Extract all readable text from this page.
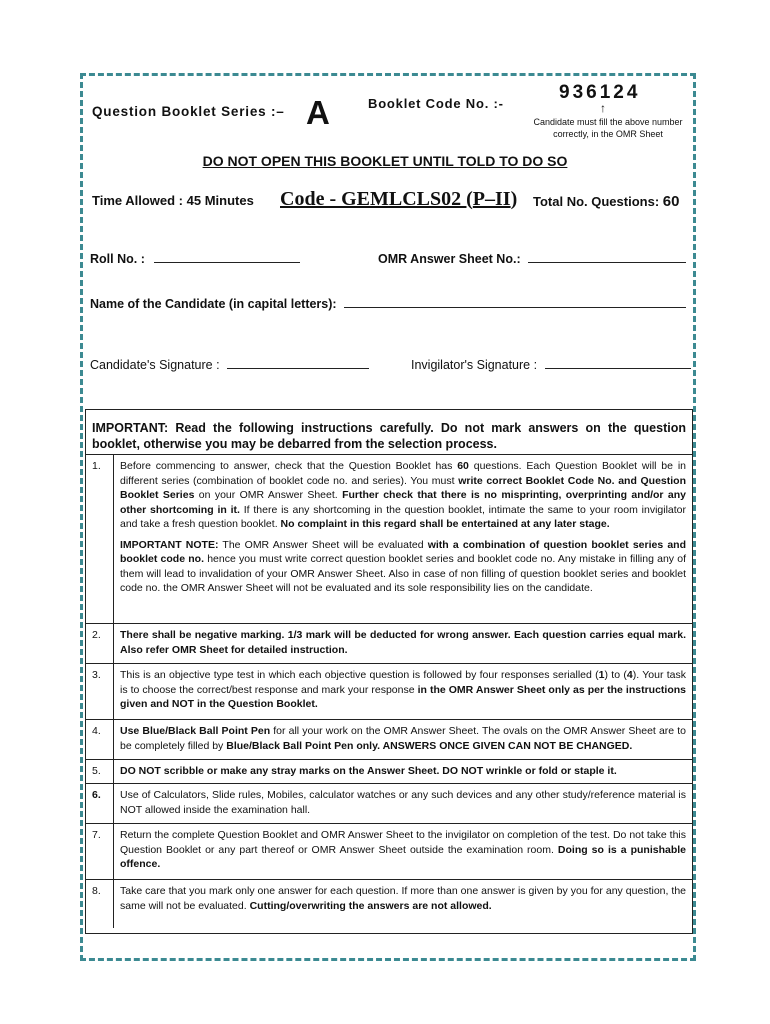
Question Booklet Series :– A	Booklet Code No. :-
936124
↑
Candidate must fill the above number correctly, in the OMR Sheet
DO NOT OPEN THIS BOOKLET UNTIL TOLD TO DO SO
Time Allowed : 45 Minutes Code - GEMLCLS02 (P–II) Total No. Questions: 60
Roll No. :	OMR Answer Sheet No.:
Name of the Candidate (in capital letters):
Candidate's Signature :	Invigilator's Signature :
IMPORTANT: Read the following instructions carefully. Do not mark answers on the question booklet, otherwise you may be debarred from the selection process.
1.	Before commencing to answer, check that the Question Booklet has 60 questions. Each Question Booklet will be in different series (combination of booklet code no. and series). You must write correct Booklet Code No. and Question Booklet Series on your OMR Answer Sheet. Further check that there is no misprinting, overprinting and/or any other shortcoming in it. If there is any shortcoming in the question booklet, intimate the same to your room invigilator and take a fresh question booklet. No complaint in this regard shall be entertained at any later stage.

IMPORTANT NOTE: The OMR Answer Sheet will be evaluated with a combination of question booklet series and booklet code no. hence you must write correct question booklet series and booklet code no. Any mistake in filling any of them will lead to invalidation of your OMR Answer Sheet. Also in case of non filling of question booklet series and booklet code no. the OMR Answer Sheet will not be evaluated and its sole responsibility lies on the candidate.

2.	There shall be negative marking. 1/3 mark will be deducted for wrong answer. Each question carries equal mark. Also refer OMR Sheet for detailed instruction.

3.	This is an objective type test in which each objective question is followed by four responses serialled (1) to (4). Your task is to choose the correct/best response and mark your response in the OMR Answer Sheet only as per the instructions given and NOT in the Question Booklet.

4.	Use Blue/Black Ball Point Pen for all your work on the OMR Answer Sheet. The ovals on the OMR Answer Sheet are to be completely filled by Blue/Black Ball Point Pen only. ANSWERS ONCE GIVEN CAN NOT BE CHANGED.

5.	DO NOT scribble or make any stray marks on the Answer Sheet. DO NOT wrinkle or fold or staple it.

6.	Use of Calculators, Slide rules, Mobiles, calculator watches or any such devices and any other study/reference material is NOT allowed inside the examination hall.

7.	Return the complete Question Booklet and OMR Answer Sheet to the invigilator on completion of the test. Do not take this Question Booklet or any part thereof or OMR Answer Sheet outside the examination room. Doing so is a punishable offence.

8.	Take care that you mark only one answer for each question. If more than one answer is given by you for any question, the same will not be evaluated. Cutting/overwriting the answers are not allowed.
